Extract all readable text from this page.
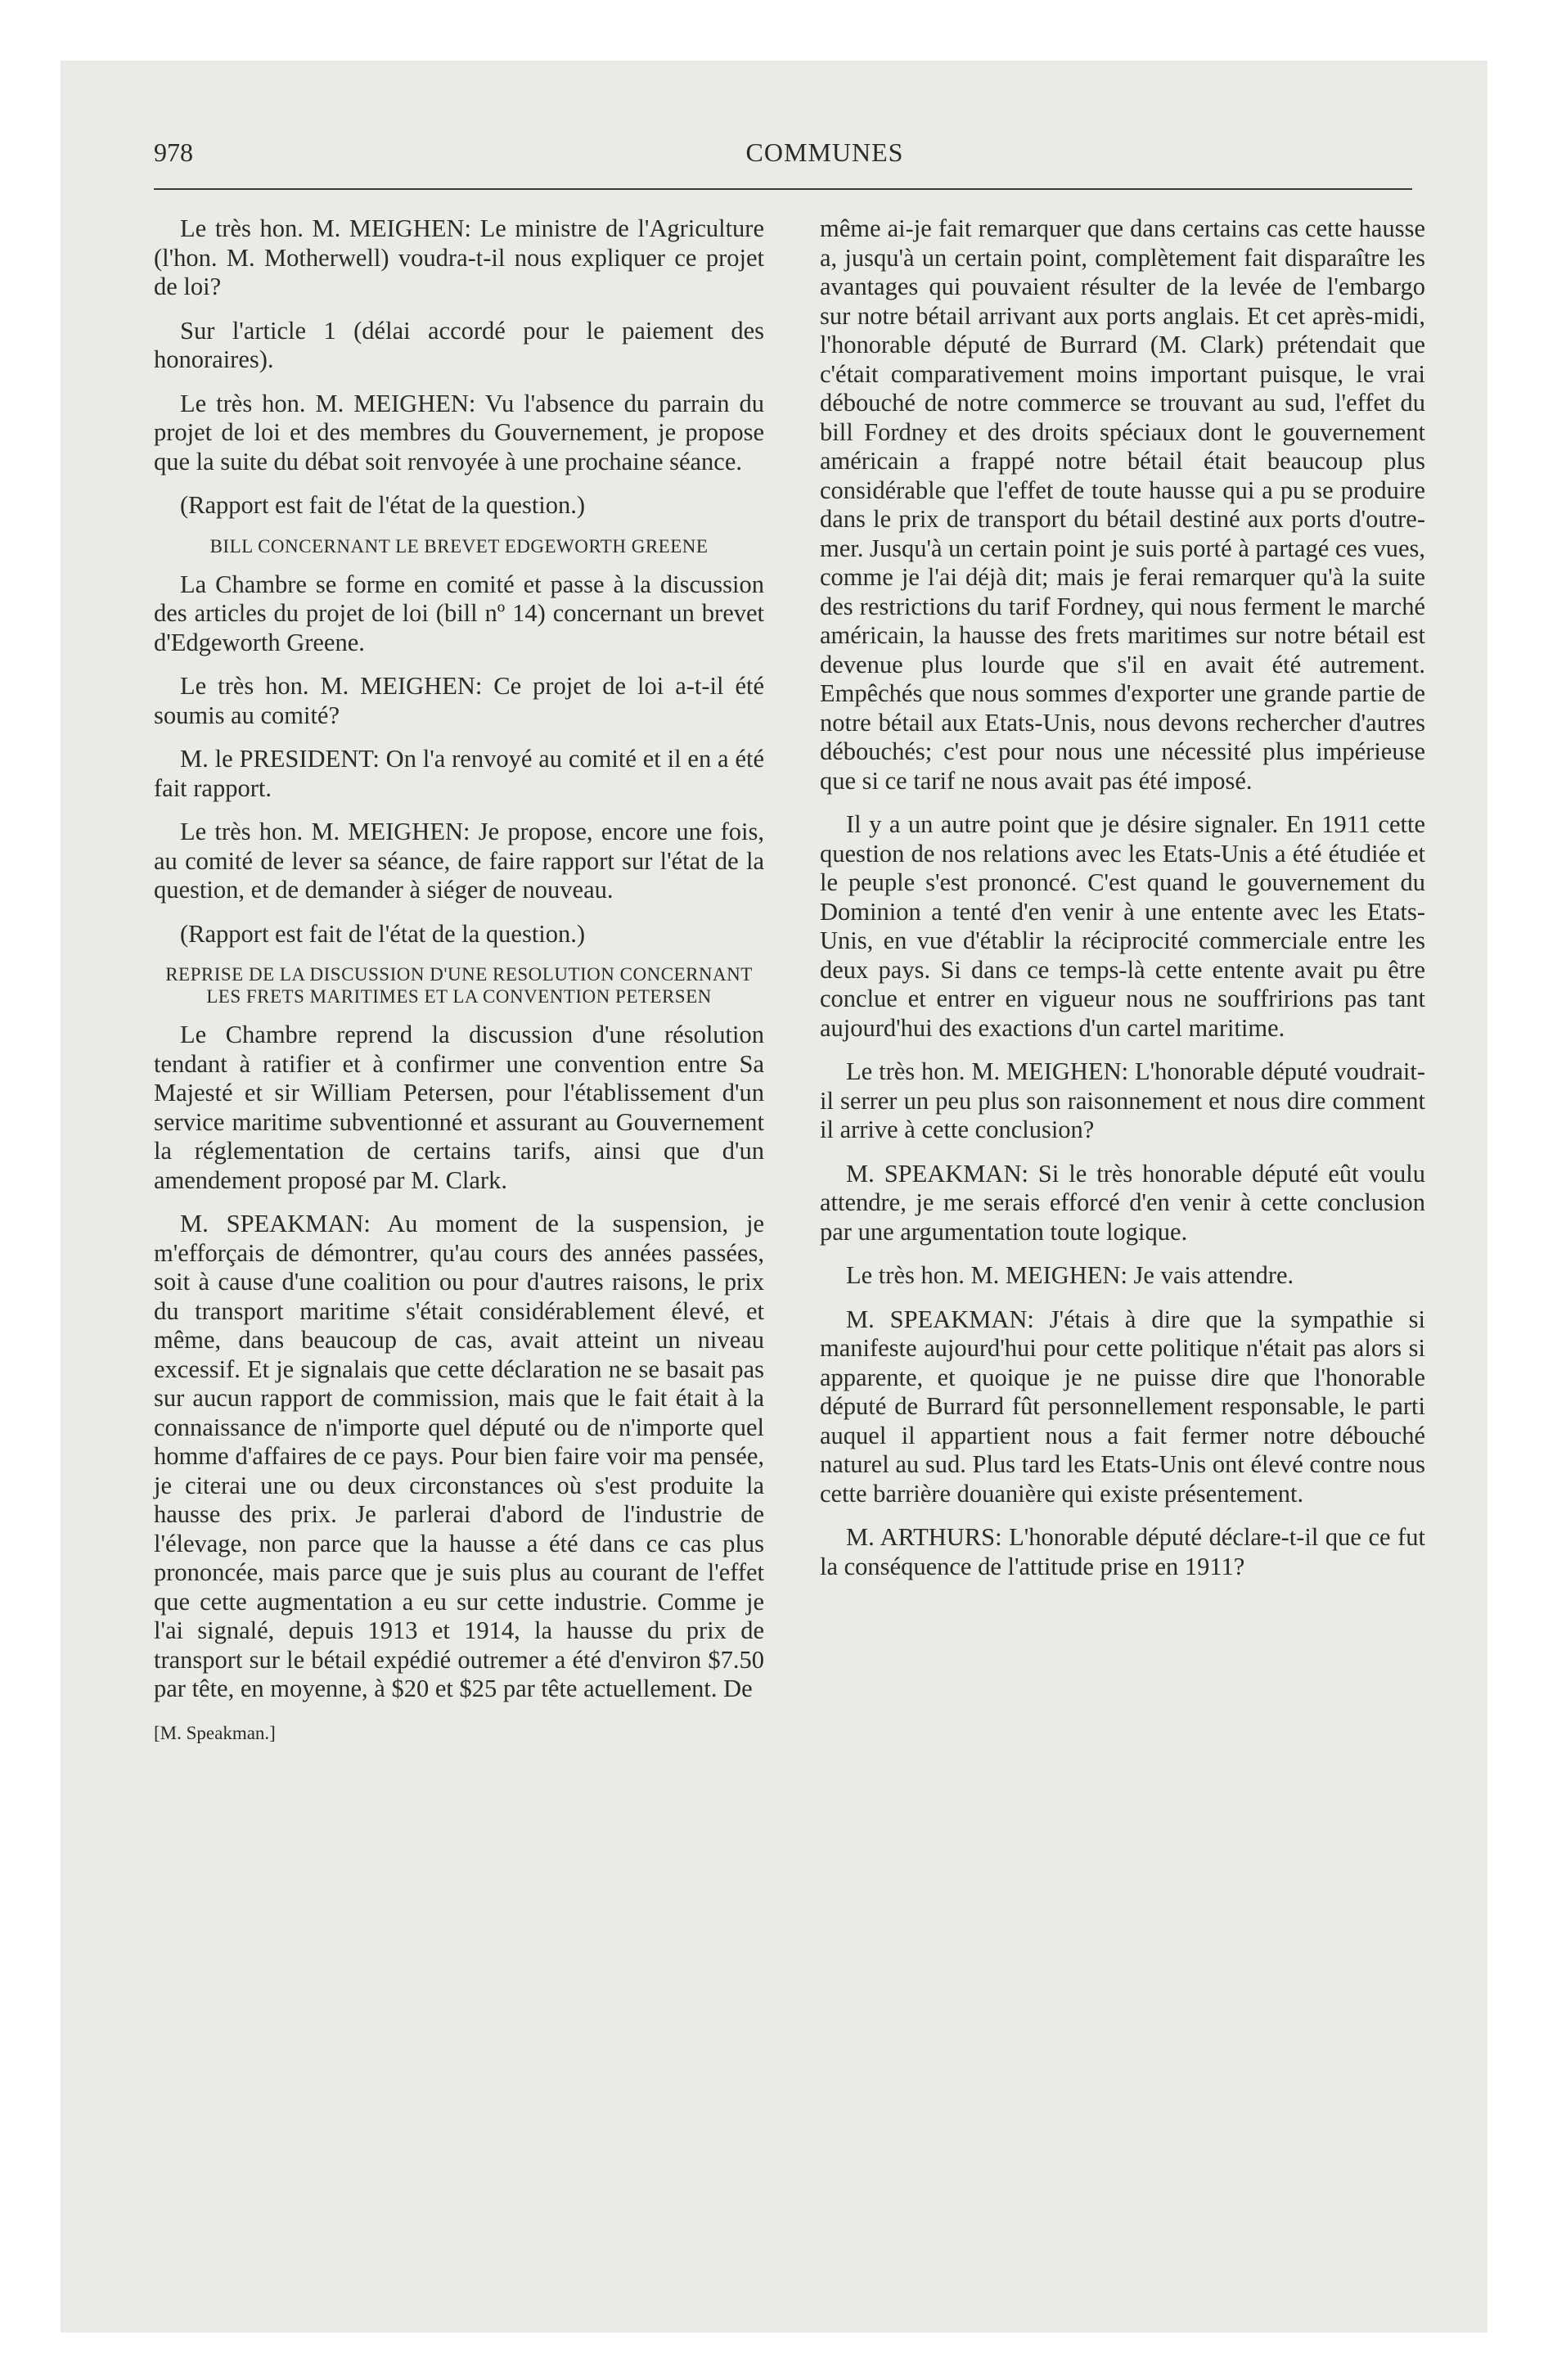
978	COMMUNES

Le très hon. M. MEIGHEN: Le ministre de l'Agriculture (l'hon. M. Motherwell) voudra-t-il nous expliquer ce projet de loi?

Sur l'article 1 (délai accordé pour le paiement des honoraires).

Le très hon. M. MEIGHEN: Vu l'absence du parrain du projet de loi et des membres du Gouvernement, je propose que la suite du débat soit renvoyée à une prochaine séance.

(Rapport est fait de l'état de la question.)

BILL CONCERNANT LE BREVET EDGEWORTH GREENE

La Chambre se forme en comité et passe à la discussion des articles du projet de loi (bill nº 14) concernant un brevet d'Edgeworth Greene.

Le très hon. M. MEIGHEN: Ce projet de loi a-t-il été soumis au comité?

M. le PRESIDENT: On l'a renvoyé au comité et il en a été fait rapport.

Le très hon. M. MEIGHEN: Je propose, encore une fois, au comité de lever sa séance, de faire rapport sur l'état de la question, et de demander à siéger de nouveau.

(Rapport est fait de l'état de la question.)

REPRISE DE LA DISCUSSION D'UNE RESOLUTION CONCERNANT LES FRETS MARITIMES ET LA CONVENTION PETERSEN

Le Chambre reprend la discussion d'une résolution tendant à ratifier et à confirmer une convention entre Sa Majesté et sir William Petersen, pour l'établissement d'un service maritime subventionné et assurant au Gouvernement la réglementation de certains tarifs, ainsi que d'un amendement proposé par M. Clark.

M. SPEAKMAN: Au moment de la suspension, je m'efforçais de démontrer, qu'au cours des années passées, soit à cause d'une coalition ou pour d'autres raisons, le prix du transport maritime s'était considérablement élevé, et même, dans beaucoup de cas, avait atteint un niveau excessif. Et je signalais que cette déclaration ne se basait pas sur aucun rapport de commission, mais que le fait était à la connaissance de n'importe quel député ou de n'importe quel homme d'affaires de ce pays. Pour bien faire voir ma pensée, je citerai une ou deux circonstances où s'est produite la hausse des prix. Je parlerai d'abord de l'industrie de l'élevage, non parce que la hausse a été dans ce cas plus prononcée, mais parce que je suis plus au courant de l'effet que cette augmentation a eu sur cette industrie. Comme je l'ai signalé, depuis 1913 et 1914, la hausse du prix de transport sur le bétail expédié outremer a été d'environ $7.50 par tête, en moyenne, à $20 et $25 par tête actuellement. De

[M. Speakman.]

même ai-je fait remarquer que dans certains cas cette hausse a, jusqu'à un certain point, complètement fait disparaître les avantages qui pouvaient résulter de la levée de l'embargo sur notre bétail arrivant aux ports anglais. Et cet après-midi, l'honorable député de Burrard (M. Clark) prétendait que c'était comparativement moins important puisque, le vrai débouché de notre commerce se trouvant au sud, l'effet du bill Fordney et des droits spéciaux dont le gouvernement américain a frappé notre bétail était beaucoup plus considérable que l'effet de toute hausse qui a pu se produire dans le prix de transport du bétail destiné aux ports d'outre-mer. Jusqu'à un certain point je suis porté à partagé ces vues, comme je l'ai déjà dit; mais je ferai remarquer qu'à la suite des restrictions du tarif Fordney, qui nous ferment le marché américain, la hausse des frets maritimes sur notre bétail est devenue plus lourde que s'il en avait été autrement. Empêchés que nous sommes d'exporter une grande partie de notre bétail aux Etats-Unis, nous devons rechercher d'autres débouchés; c'est pour nous une nécessité plus impérieuse que si ce tarif ne nous avait pas été imposé.

Il y a un autre point que je désire signaler. En 1911 cette question de nos relations avec les Etats-Unis a été étudiée et le peuple s'est prononcé. C'est quand le gouvernement du Dominion a tenté d'en venir à une entente avec les Etats-Unis, en vue d'établir la réciprocité commerciale entre les deux pays. Si dans ce temps-là cette entente avait pu être conclue et entrer en vigueur nous ne souffririons pas tant aujourd'hui des exactions d'un cartel maritime.

Le très hon. M. MEIGHEN: L'honorable député voudrait-il serrer un peu plus son raisonnement et nous dire comment il arrive à cette conclusion?

M. SPEAKMAN: Si le très honorable député eût voulu attendre, je me serais efforcé d'en venir à cette conclusion par une argumentation toute logique.

Le très hon. M. MEIGHEN: Je vais attendre.

M. SPEAKMAN: J'étais à dire que la sympathie si manifeste aujourd'hui pour cette politique n'était pas alors si apparente, et quoique je ne puisse dire que l'honorable député de Burrard fût personnellement responsable, le parti auquel il appartient nous a fait fermer notre débouché naturel au sud. Plus tard les Etats-Unis ont élevé contre nous cette barrière douanière qui existe présentement.

M. ARTHURS: L'honorable député déclare-t-il que ce fut la conséquence de l'attitude prise en 1911?
